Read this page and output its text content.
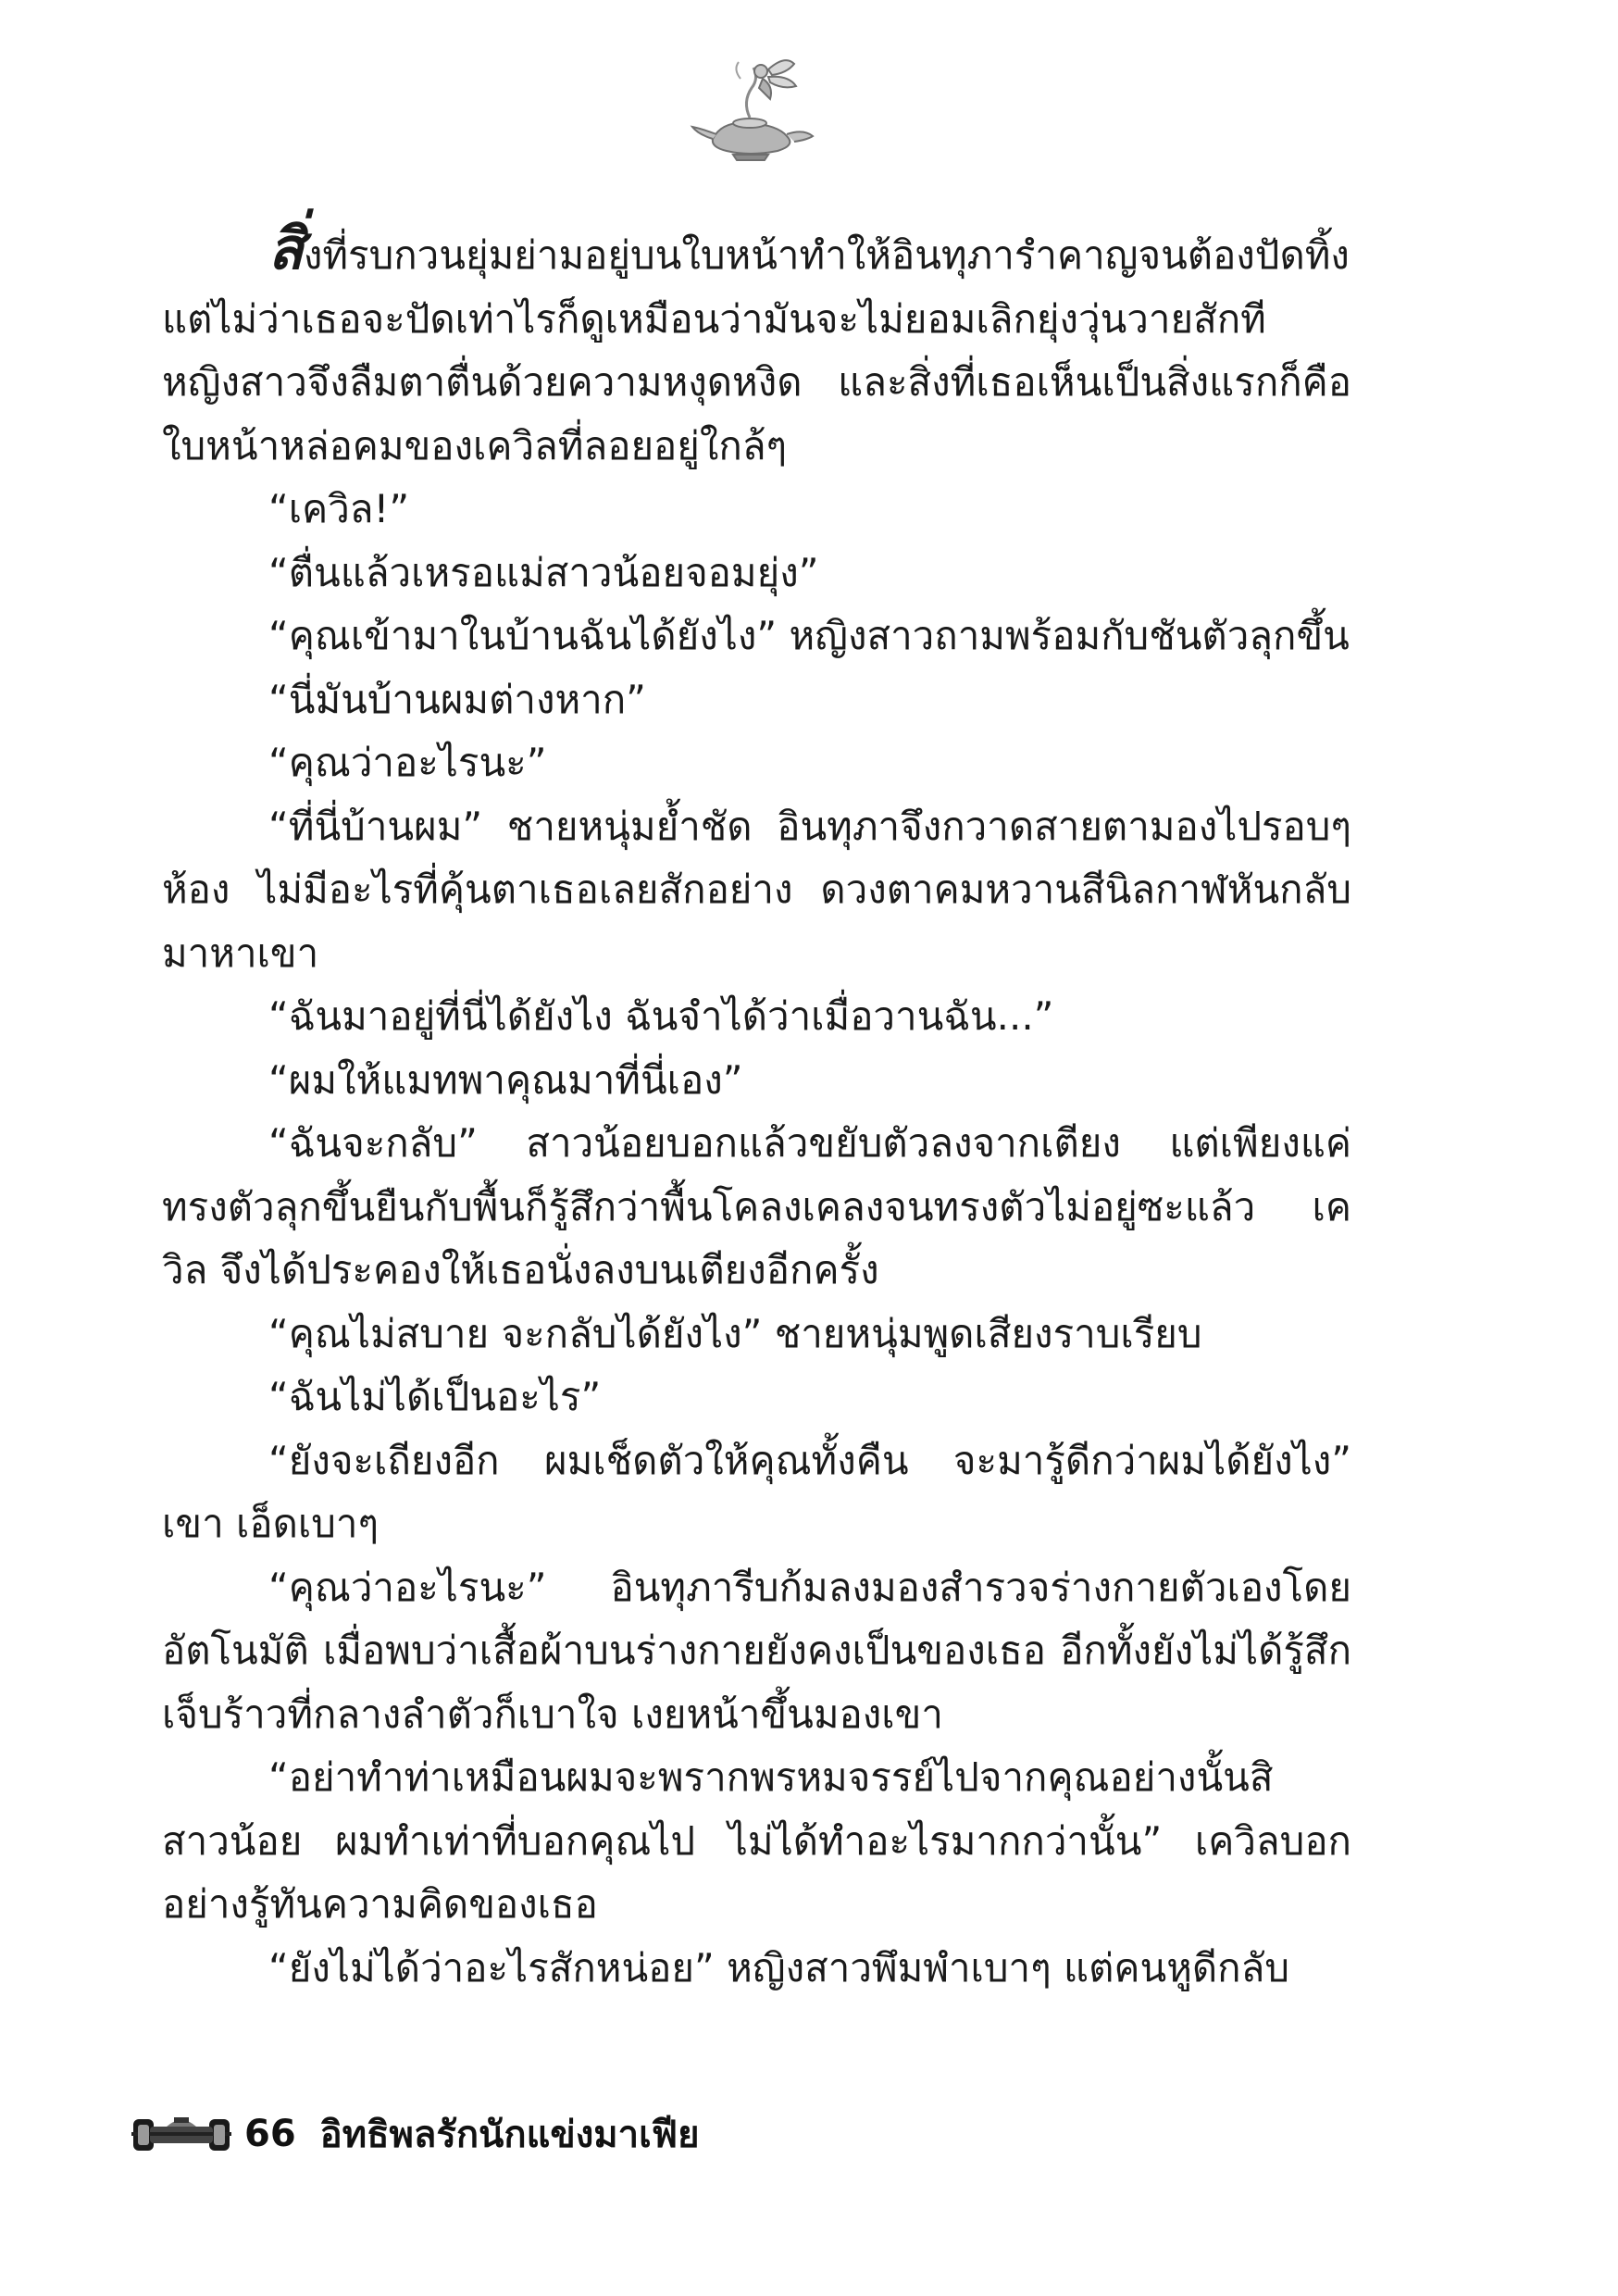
สิ่งที่รบกวนยุ่มย่ามอยู่บนใบหน้าทำให้อินทุภารำคาญจนต้องปัดทิ้ง แต่ไม่ว่าเธอจะปัดเท่าไรก็ดูเหมือนว่ามันจะไม่ยอมเลิกยุ่งวุ่นวายสักที หญิงสาวจึงลืมตาตื่นด้วยความหงุดหงิด และสิ่งที่เธอเห็นเป็นสิ่งแรกก็คือ ใบหน้าหล่อคมของเควิลที่ลอยอยู่ใกล้ๆ

“เควิล!”

“ตื่นแล้วเหรอแม่สาวน้อยจอมยุ่ง”

“คุณเข้ามาในบ้านฉันได้ยังไง” หญิงสาวถามพร้อมกับชันตัวลุกขึ้น

“นี่มันบ้านผมต่างหาก”

“คุณว่าอะไรนะ”

“ที่นี่บ้านผม” ชายหนุ่มย้ำชัด อินทุภาจึงกวาดสายตามองไปรอบๆ ห้อง ไม่มีอะไรที่คุ้นตาเธอเลยสักอย่าง ดวงตาคมหวานสีนิลกาฬหันกลับ มาหาเขา

“ฉันมาอยู่ที่นี่ได้ยังไง ฉันจำได้ว่าเมื่อวานฉัน...”

“ผมให้แมทพาคุณมาที่นี่เอง”

“ฉันจะกลับ” สาวน้อยบอกแล้วขยับตัวลงจากเตียง แต่เพียงแค่ ทรงตัวลุกขึ้นยืนกับพื้นก็รู้สึกว่าพื้นโคลงเคลงจนทรงตัวไม่อยู่ซะแล้ว เควิล จึงได้ประคองให้เธอนั่งลงบนเตียงอีกครั้ง

“คุณไม่สบาย จะกลับได้ยังไง” ชายหนุ่มพูดเสียงราบเรียบ

“ฉันไม่ได้เป็นอะไร”

“ยังจะเถียงอีก ผมเช็ดตัวให้คุณทั้งคืน จะมารู้ดีกว่าผมได้ยังไง” เขา เอ็ดเบาๆ

“คุณว่าอะไรนะ” อินทุภารีบก้มลงมองสำรวจร่างกายตัวเองโดย อัตโนมัติ เมื่อพบว่าเสื้อผ้าบนร่างกายยังคงเป็นของเธอ อีกทั้งยังไม่ได้รู้สึก เจ็บร้าวที่กลางลำตัวก็เบาใจ เงยหน้าขึ้นมองเขา

“อย่าทำท่าเหมือนผมจะพรากพรหมจรรย์ไปจากคุณอย่างนั้นสิ สาวน้อย ผมทำเท่าที่บอกคุณไป ไม่ได้ทำอะไรมากกว่านั้น” เควิลบอก อย่างรู้ทันความคิดของเธอ

“ยังไม่ได้ว่าอะไรสักหน่อย” หญิงสาวพึมพำเบาๆ แต่คนหูดีกลับ

66 อิทธิพลรักนักแข่งมาเฟีย
